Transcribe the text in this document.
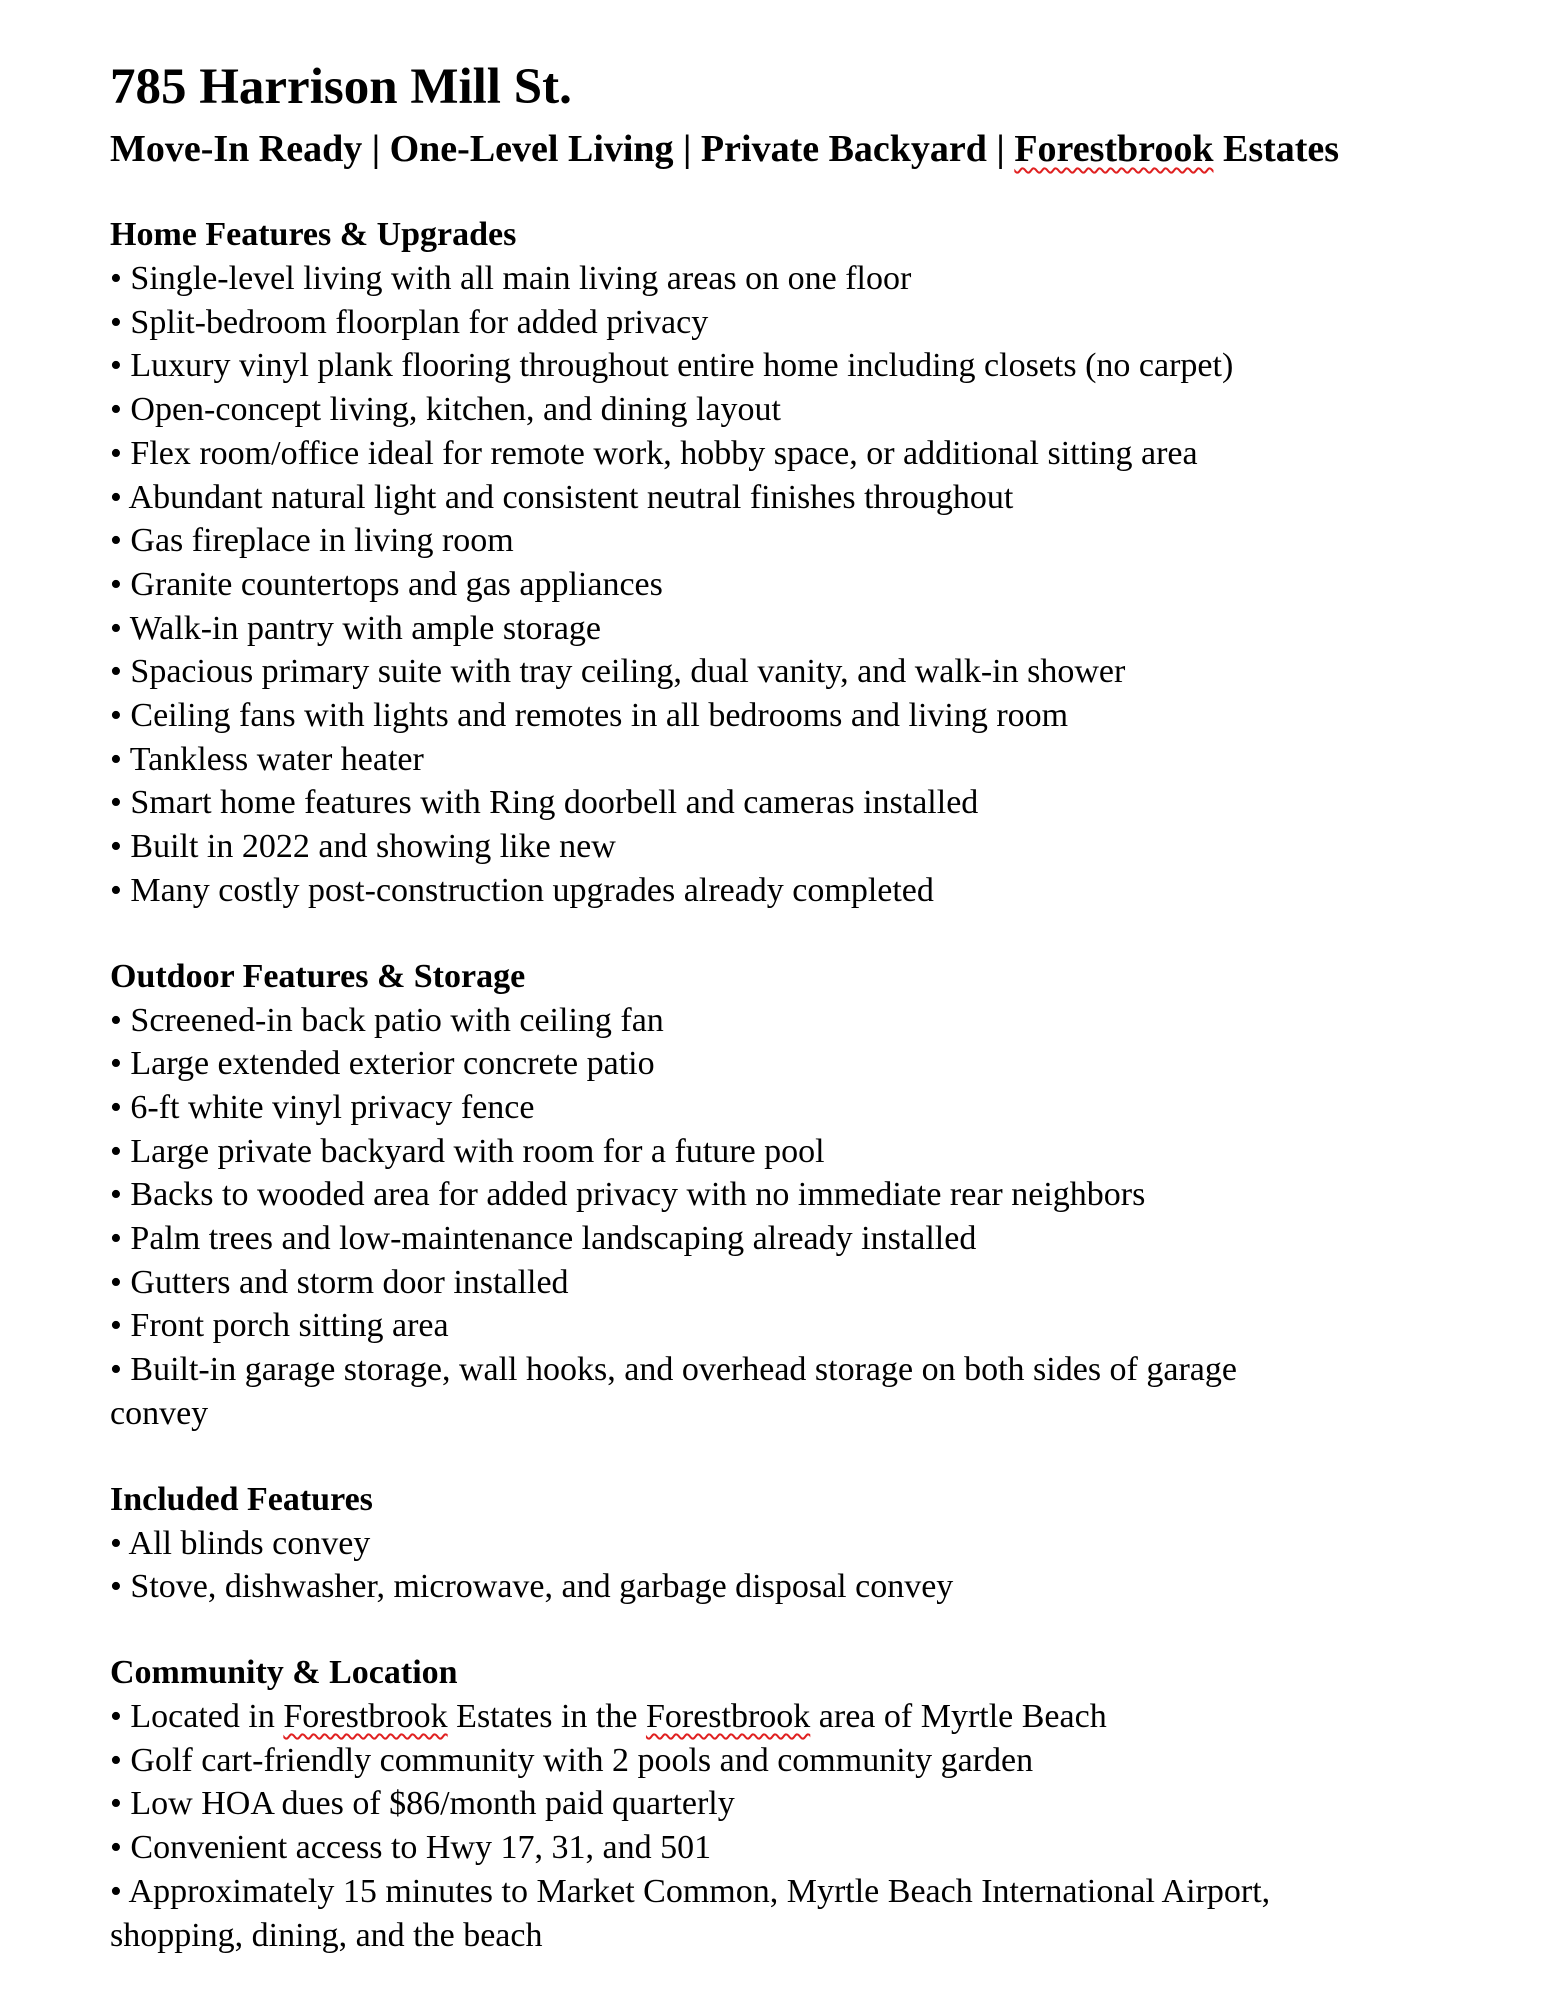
785 Harrison Mill St.

Move-In Ready | One-Level Living | Private Backyard | Forestbrook Estates

Home Features & Upgrades
• Single-level living with all main living areas on one floor
• Split-bedroom floorplan for added privacy
• Luxury vinyl plank flooring throughout entire home including closets (no carpet)
• Open-concept living, kitchen, and dining layout
• Flex room/office ideal for remote work, hobby space, or additional sitting area
• Abundant natural light and consistent neutral finishes throughout
• Gas fireplace in living room
• Granite countertops and gas appliances
• Walk-in pantry with ample storage
• Spacious primary suite with tray ceiling, dual vanity, and walk-in shower
• Ceiling fans with lights and remotes in all bedrooms and living room
• Tankless water heater
• Smart home features with Ring doorbell and cameras installed
• Built in 2022 and showing like new
• Many costly post-construction upgrades already completed
Outdoor Features & Storage
• Screened-in back patio with ceiling fan
• Large extended exterior concrete patio
• 6-ft white vinyl privacy fence
• Large private backyard with room for a future pool
• Backs to wooded area for added privacy with no immediate rear neighbors
• Palm trees and low-maintenance landscaping already installed
• Gutters and storm door installed
• Front porch sitting area
• Built-in garage storage, wall hooks, and overhead storage on both sides of garage
convey
Included Features
• All blinds convey
• Stove, dishwasher, microwave, and garbage disposal convey
Community & Location
• Located in Forestbrook Estates in the Forestbrook area of Myrtle Beach
• Golf cart-friendly community with 2 pools and community garden
• Low HOA dues of $86/month paid quarterly
• Convenient access to Hwy 17, 31, and 501
• Approximately 15 minutes to Market Common, Myrtle Beach International Airport,
shopping, dining, and the beach
